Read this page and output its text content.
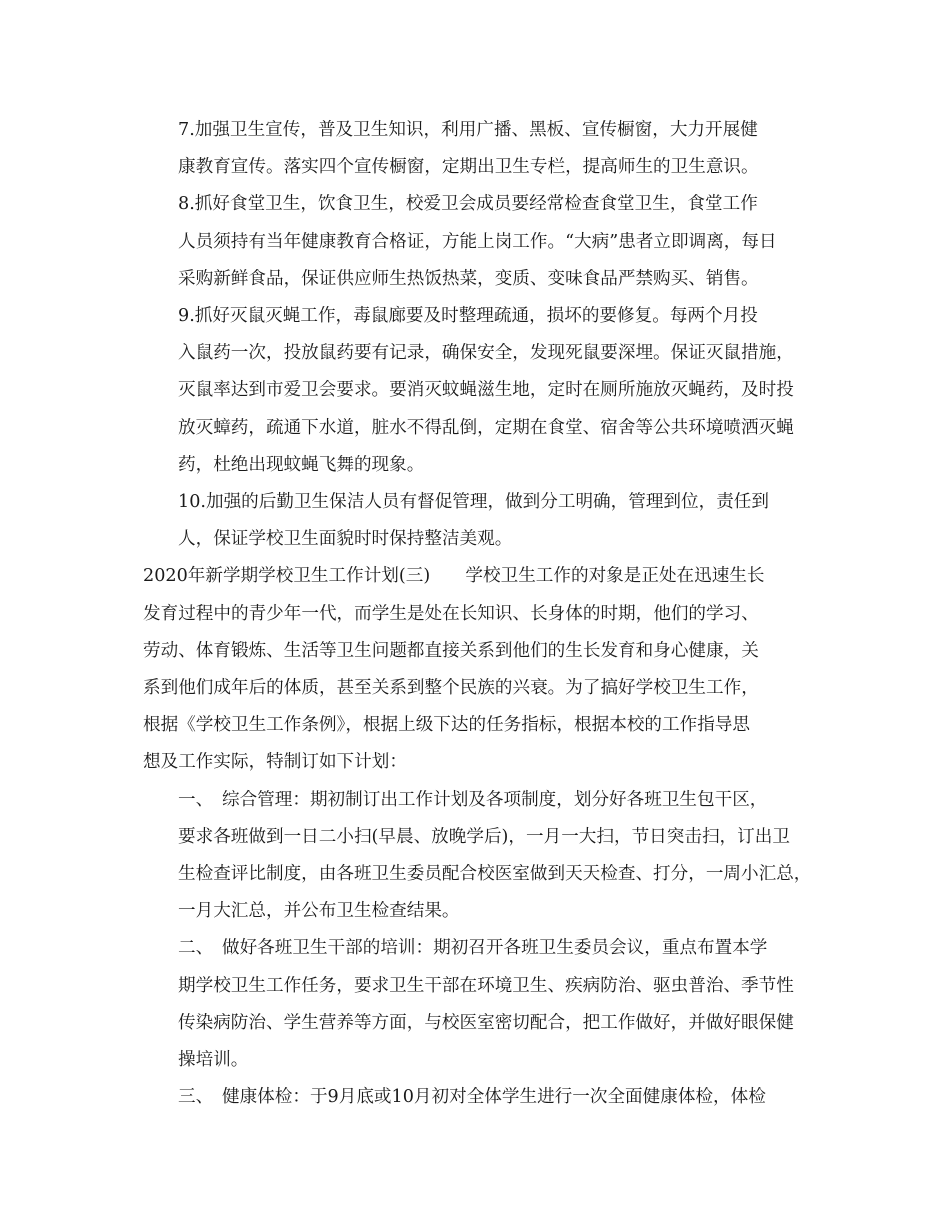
7.加强卫生宣传，普及卫生知识，利用广播、黑板、宣传橱窗，大力开展健
康教育宣传。落实四个宣传橱窗，定期出卫生专栏，提高师生的卫生意识。

8.抓好食堂卫生，饮食卫生，校爱卫会成员要经常检查食堂卫生，食堂工作
人员须持有当年健康教育合格证，方能上岗工作。“大病”患者立即调离，每日
采购新鲜食品，保证供应师生热饭热菜，变质、变味食品严禁购买、销售。

9.抓好灭鼠灭蝇工作，毒鼠廊要及时整理疏通，损坏的要修复。每两个月投
入鼠药一次，投放鼠药要有记录，确保安全，发现死鼠要深埋。保证灭鼠措施，
灭鼠率达到市爱卫会要求。要消灭蚊蝇滋生地，定时在厕所施放灭蝇药，及时投
放灭蟑药，疏通下水道，脏水不得乱倒，定期在食堂、宿舍等公共环境喷洒灭蝇
药，杜绝出现蚊蝇飞舞的现象。

10.加强的后勤卫生保洁人员有督促管理，做到分工明确，管理到位，责任到
人，保证学校卫生面貌时时保持整洁美观。

2020年新学期学校卫生工作计划(三)　　学校卫生工作的对象是正处在迅速生长
发育过程中的青少年一代，而学生是处在长知识、长身体的时期，他们的学习、
劳动、体育锻炼、生活等卫生问题都直接关系到他们的生长发育和身心健康，关
系到他们成年后的体质，甚至关系到整个民族的兴衰。为了搞好学校卫生工作，
根据《学校卫生工作条例》，根据上级下达的任务指标，根据本校的工作指导思
想及工作实际，特制订如下计划：

一、　综合管理：期初制订出工作计划及各项制度，划分好各班卫生包干区，
要求各班做到一日二小扫(早晨、放晚学后)，一月一大扫，节日突击扫，订出卫
生检查评比制度，由各班卫生委员配合校医室做到天天检查、打分，一周小汇总，
一月大汇总，并公布卫生检查结果。

二、　做好各班卫生干部的培训：期初召开各班卫生委员会议，重点布置本学
期学校卫生工作任务，要求卫生干部在环境卫生、疾病防治、驱虫普治、季节性
传染病防治、学生营养等方面，与校医室密切配合，把工作做好，并做好眼保健
操培训。

三、　健康体检：于9月底或10月初对全体学生进行一次全面健康体检，体检
